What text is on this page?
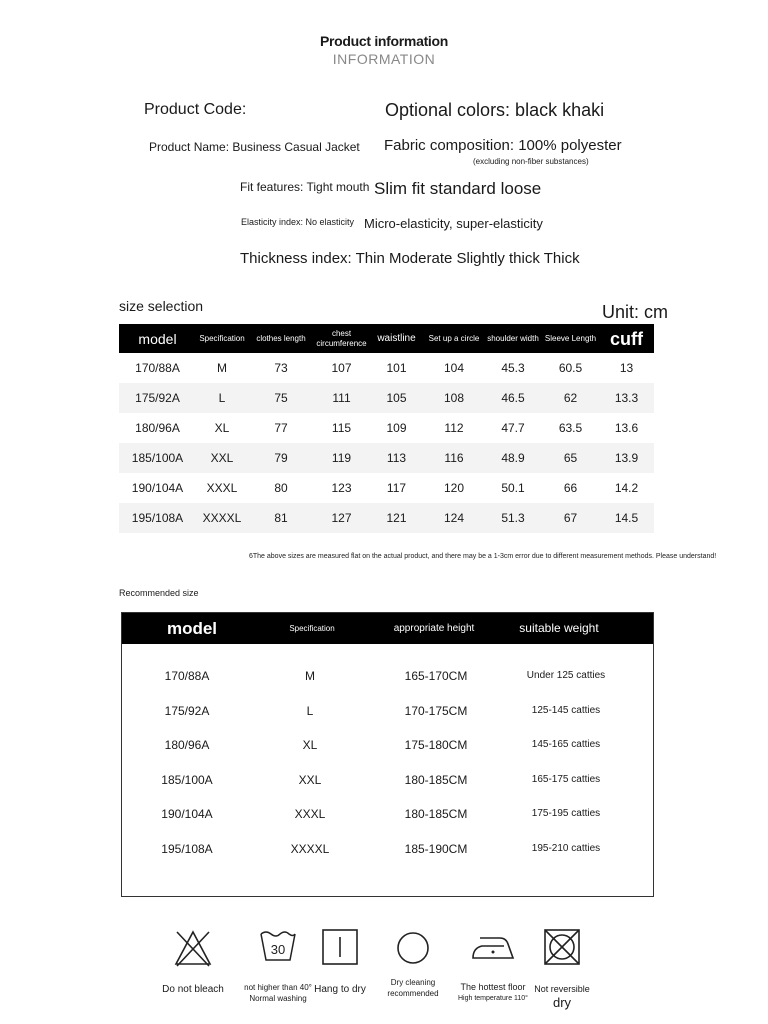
Product information
INFORMATION
Product Code:	Optional colors: black khaki
Product Name: Business Casual Jacket Fabric composition: 100% polyester
(excluding non-fiber substances)
Fit features: Tight mouth Slim fit standard loose
Elasticity index: No elasticity Micro-elasticity, super-elasticity
Thickness index: Thin Moderate Slightly thick Thick
size selection	Unit: cm
model	Specification	clothes length	chest circumference	waistline	Set up a circle	shoulder width	Sleeve Length	cuff
170/88A	M	73	107	101	104	45.3	60.5	13
175/92A	L	75	111	105	108	46.5	62	13.3
180/96A	XL	77	115	109	112	47.7	63.5	13.6
185/100A	XXL	79	119	113	116	48.9	65	13.9
190/104A	XXXL	80	123	117	120	50.1	66	14.2
195/108A	XXXXL	81	127	121	124	51.3	67	14.5
6The above sizes are measured flat on the actual product, and there may be a 1-3cm error due to different measurement methods. Please understand!
Recommended size
model	Specification	appropriate height	suitable weight
170/88A	M	165-170CM	Under 125 catties
175/92A	L	170-175CM	125-145 catties
180/96A	XL	175-180CM	145-165 catties
185/100A	XXL	180-185CM	165-175 catties
190/104A	XXXL	180-185CM	175-195 catties
195/108A	XXXXL	185-190CM	195-210 catties
Do not bleach
30
not higher than 40°
Normal washing
Hang to dry
Dry cleaning
recommended
The hottest floor
High temperature 110°
Not reversible
dry
